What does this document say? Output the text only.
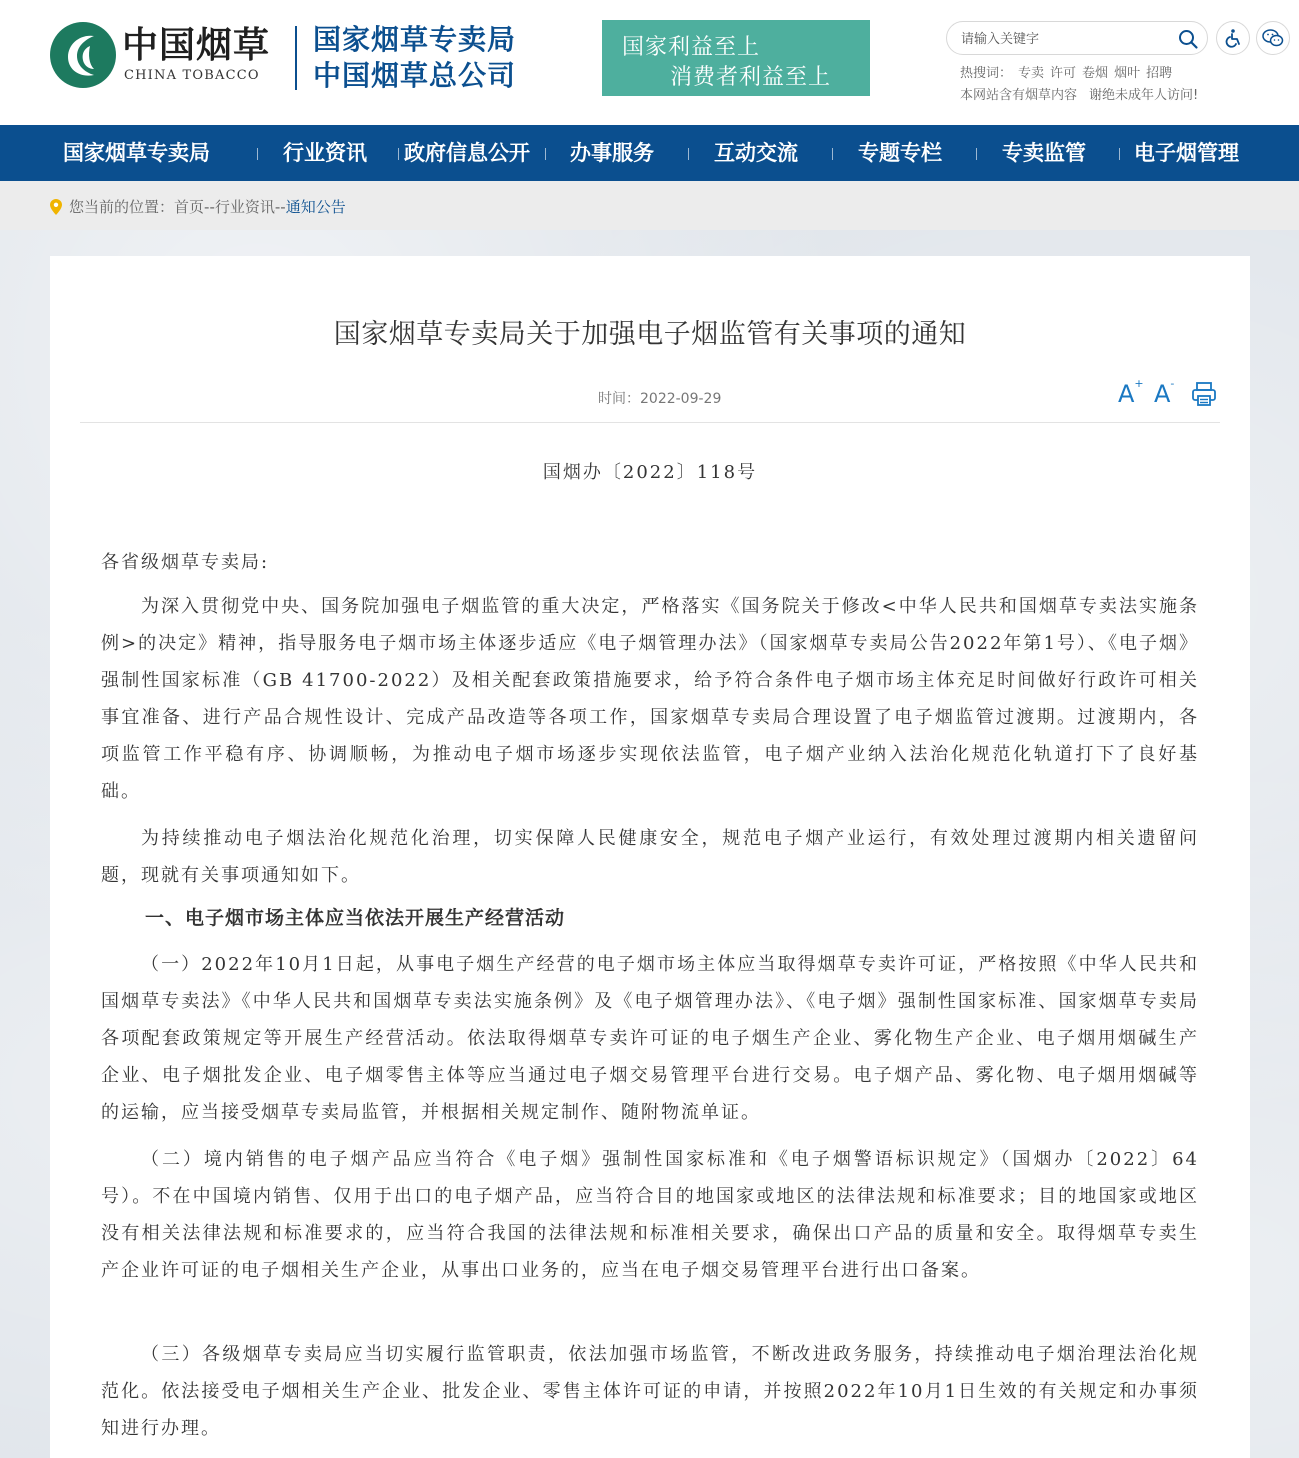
中国烟草
CHINA TOBACCO
国家烟草专卖局
中国烟草总公司
国家利益至上
消费者利益至上
请输入关键字	热搜词： 专卖 许可 卷烟 烟叶 招聘
本网站含有烟草内容 谢绝未成年人访问!
国家烟草专卖局	行业资讯 政府信息公开 办事服务	互动交流	专题专栏	专卖监管 电子烟管理
您当前的位置： 首页 -- 行业资讯 -- 通知公告
国家烟草专卖局关于加强电子烟监管有关事项的通知
时间：2022-09-29	A+ A-
国烟办〔2022〕118号

各省级烟草专卖局:

为深入贯彻党中央、国务院加强电子烟监管的重大决定，严格落实《国务院关于修改<中华人民共和国烟草专卖法实施条例>的决定》精神，指导服务电子烟市场主体逐步适应《电子烟管理办法》（国家烟草专卖局公告2022年第1号）、《电子烟》强制性国家标准（GB 41700-2022）及相关配套政策措施要求，给予符合条件电子烟市场主体充足时间做好行政许可相关事宜准备、进行产品合规性设计、完成产品改造等各项工作，国家烟草专卖局合理设置了电子烟监管过渡期。过渡期内，各项监管工作平稳有序、协调顺畅，为推动电子烟市场逐步实现依法监管，电子烟产业纳入法治化规范化轨道打下了良好基础。

为持续推动电子烟法治化规范化治理，切实保障人民健康安全，规范电子烟产业运行，有效处理过渡期内相关遗留问题，现就有关事项通知如下。

一、电子烟市场主体应当依法开展生产经营活动

（一）2022年10月1日起，从事电子烟生产经营的电子烟市场主体应当取得烟草专卖许可证，严格按照《中华人民共和国烟草专卖法》《中华人民共和国烟草专卖法实施条例》及《电子烟管理办法》、《电子烟》强制性国家标准、国家烟草专卖局各项配套政策规定等开展生产经营活动。依法取得烟草专卖许可证的电子烟生产企业、雾化物生产企业、电子烟用烟碱生产企业、电子烟批发企业、电子烟零售主体等应当通过电子烟交易管理平台进行交易。电子烟产品、雾化物、电子烟用烟碱等的运输，应当接受烟草专卖局监管，并根据相关规定制作、随附物流单证。

（二）境内销售的电子烟产品应当符合《电子烟》强制性国家标准和《电子烟警语标识规定》（国烟办〔2022〕64号）。不在中国境内销售、仅用于出口的电子烟产品，应当符合目的地国家或地区的法律法规和标准要求；目的地国家或地区没有相关法律法规和标准要求的，应当符合我国的法律法规和标准相关要求，确保出口产品的质量和安全。取得烟草专卖生产企业许可证的电子烟相关生产企业，从事出口业务的，应当在电子烟交易管理平台进行出口备案。

（三）各级烟草专卖局应当切实履行监管职责，依法加强市场监管，不断改进政务服务，持续推动电子烟治理法治化规范化。依法接受电子烟相关生产企业、批发企业、零售主体许可证的申请，并按照2022年10月1日生效的有关规定和办事须知进行办理。
